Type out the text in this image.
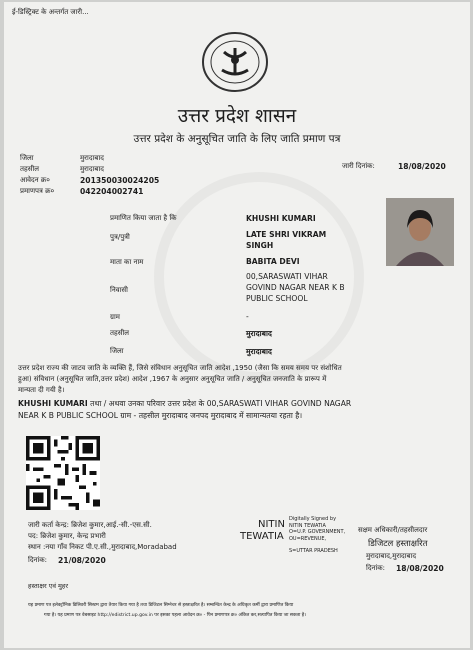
ई-डिस्ट्रिक्ट के अन्तर्गत जारी...
उत्तर प्रदेश शासन
उत्तर प्रदेश के अनुसूचित जाति के लिए जाति प्रमाण पत्र
जिला	मुरादाबाद
तहसील	मुरादाबाद
आवेदन क्र०	201350030024205
प्रमाणपत्र क्र०	042204002741
जारी दिनांक:	18/08/2020
प्रमाणित किया जाता है कि	KHUSHI KUMARI
पुत्र/पुत्री	LATE SHRI VIKRAM
SINGH
माता का नाम	BABITA DEVI
निवासी
00,SARASWATI VIHAR
GOVIND NAGAR NEAR K B
PUBLIC SCHOOL
ग्राम	-
तहसील	मुरादाबाद
जिला	मुरादाबाद
उत्तर प्रदेश राज्य की जाटव जाति के व्यक्ति हैं, जिसे संविधान अनुसूचित जाति आदेश ,1950 (जैसा कि समय समय पर संशोधित
हुआ) संविधान (अनुसूचित जाति,उत्तर प्रदेश) आदेश ,1967 के अनुसार अनुसूचित जाति / अनुसूचित जनजाति के प्रारूप में
मान्यता दी गयी है।
KHUSHI KUMARI तथा / अथवा उनका परिवार उत्तर प्रदेश के 00,SARASWATI VIHAR GOVIND NAGAR
NEAR K B PUBLIC SCHOOL ग्राम - तहसील मुरादाबाद जनपद मुरादाबाद में सामान्यतया रहता है।
जारी कर्ता केन्द्र: ब्रिजेश कुमार,आई.-सी.-एस.सी.
पद: ब्रिजेश कुमार, केन्द्र प्रभारी
स्थान :नया गाँव निकट पी.ए.सी.,मुरादाबाद,Moradabad
दिनांक: 21/08/2020
NITIN
TEWATIA
Digitally Signed by
NITIN TEWATIA
O=U.P. GOVERNMENT,
OU=REVENUE,
S=UTTAR PRADESH
सक्षम अधिकारी/तहसीलदार
डिजिटल हस्ताक्षरित
मुरादाबाद,मुरादाबाद
दिनांक: 18/08/2020
हस्ताक्षर एवं मुहर
यह प्रमाण पत्र इलेक्ट्रॉनिक डिलिवरी सिस्टम द्वारा तैयार किया गया है तथा डिजिटल सिग्नेचर से हस्ताक्षरित है। सम्बन्धित केन्द्र के अधिकृत कर्मी द्वारा प्रमाणित किया
गया है। यह प्रमाण पत्र वेबसाइट http://edistrict.up.gov.in पर इसका पहला आवेदन क्र० - पिन प्रमाणपत्र क्र० अंकित कर,सत्यापित किया जा सकता है।
